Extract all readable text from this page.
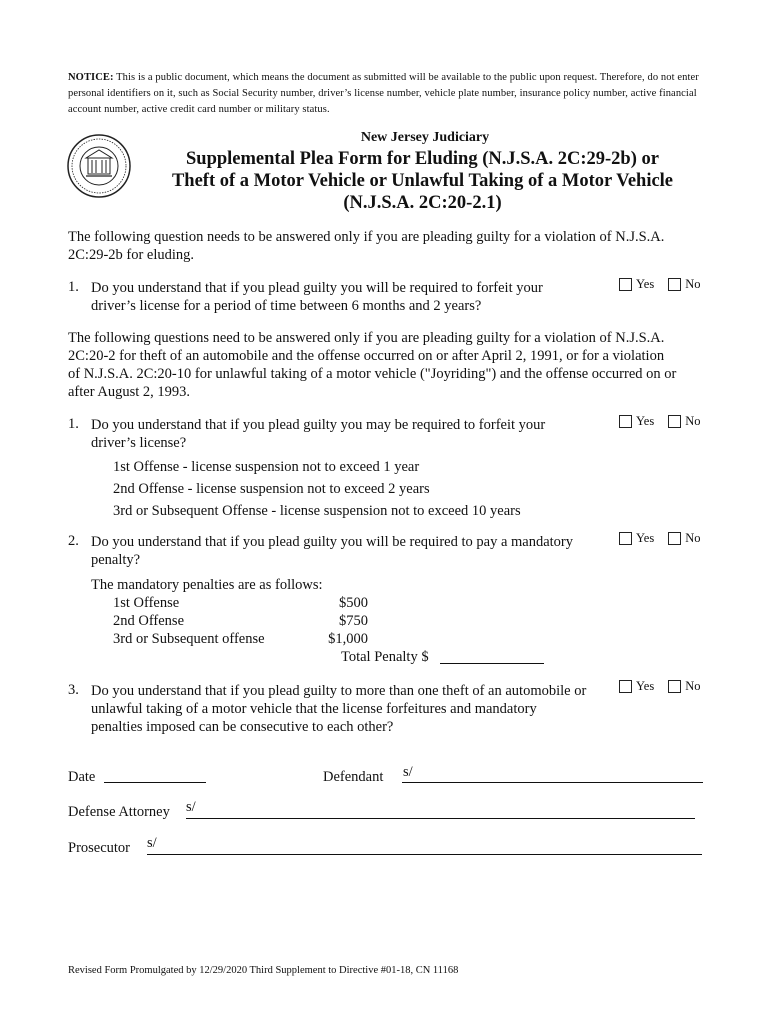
NOTICE: This is a public document, which means the document as submitted will be available to the public upon request. Therefore, do not enter personal identifiers on it, such as Social Security number, driver’s license number, vehicle plate number, insurance policy number, active financial account number, active credit card number or military status.
New Jersey Judiciary
Supplemental Plea Form for Eluding (N.J.S.A. 2C:29-2b) or
Theft of a Motor Vehicle or Unlawful Taking of a Motor Vehicle
(N.J.S.A. 2C:20-2.1)
The following question needs to be answered only if you are pleading guilty for a violation of N.J.S.A.
2C:29-2b for eluding.
1. Do you understand that if you plead guilty you will be required to forfeit your
driver’s license for a period of time between 6 months and 2 years?
Yes
No
The following questions need to be answered only if you are pleading guilty for a violation of N.J.S.A.
2C:20-2 for theft of an automobile and the offense occurred on or after April 2, 1991, or for a violation
of N.J.S.A. 2C:20-10 for unlawful taking of a motor vehicle ("Joyriding") and the offense occurred on or
after August 2, 1993.
1. Do you understand that if you plead guilty you may be required to forfeit your
driver’s license?
Yes
No
1st Offense - license suspension not to exceed 1 year
2nd Offense - license suspension not to exceed 2 years
3rd or Subsequent Offense - license suspension not to exceed 10 years
2. Do you understand that if you plead guilty you will be required to pay a mandatory
penalty?
Yes
No
The mandatory penalties are as follows:
1st Offense	$500
2nd Offense	$750
3rd or Subsequent offense	$1,000
Total Penalty $
3. Do you understand that if you plead guilty to more than one theft of an automobile or
unlawful taking of a motor vehicle that the license forfeitures and mandatory
penalties imposed can be consecutive to each other?
Yes
No
Date	Defendant s/
Defense Attorney s/
Prosecutor s/
Revised Form Promulgated by 12/29/2020 Third Supplement to Directive #01-18, CN 11168
